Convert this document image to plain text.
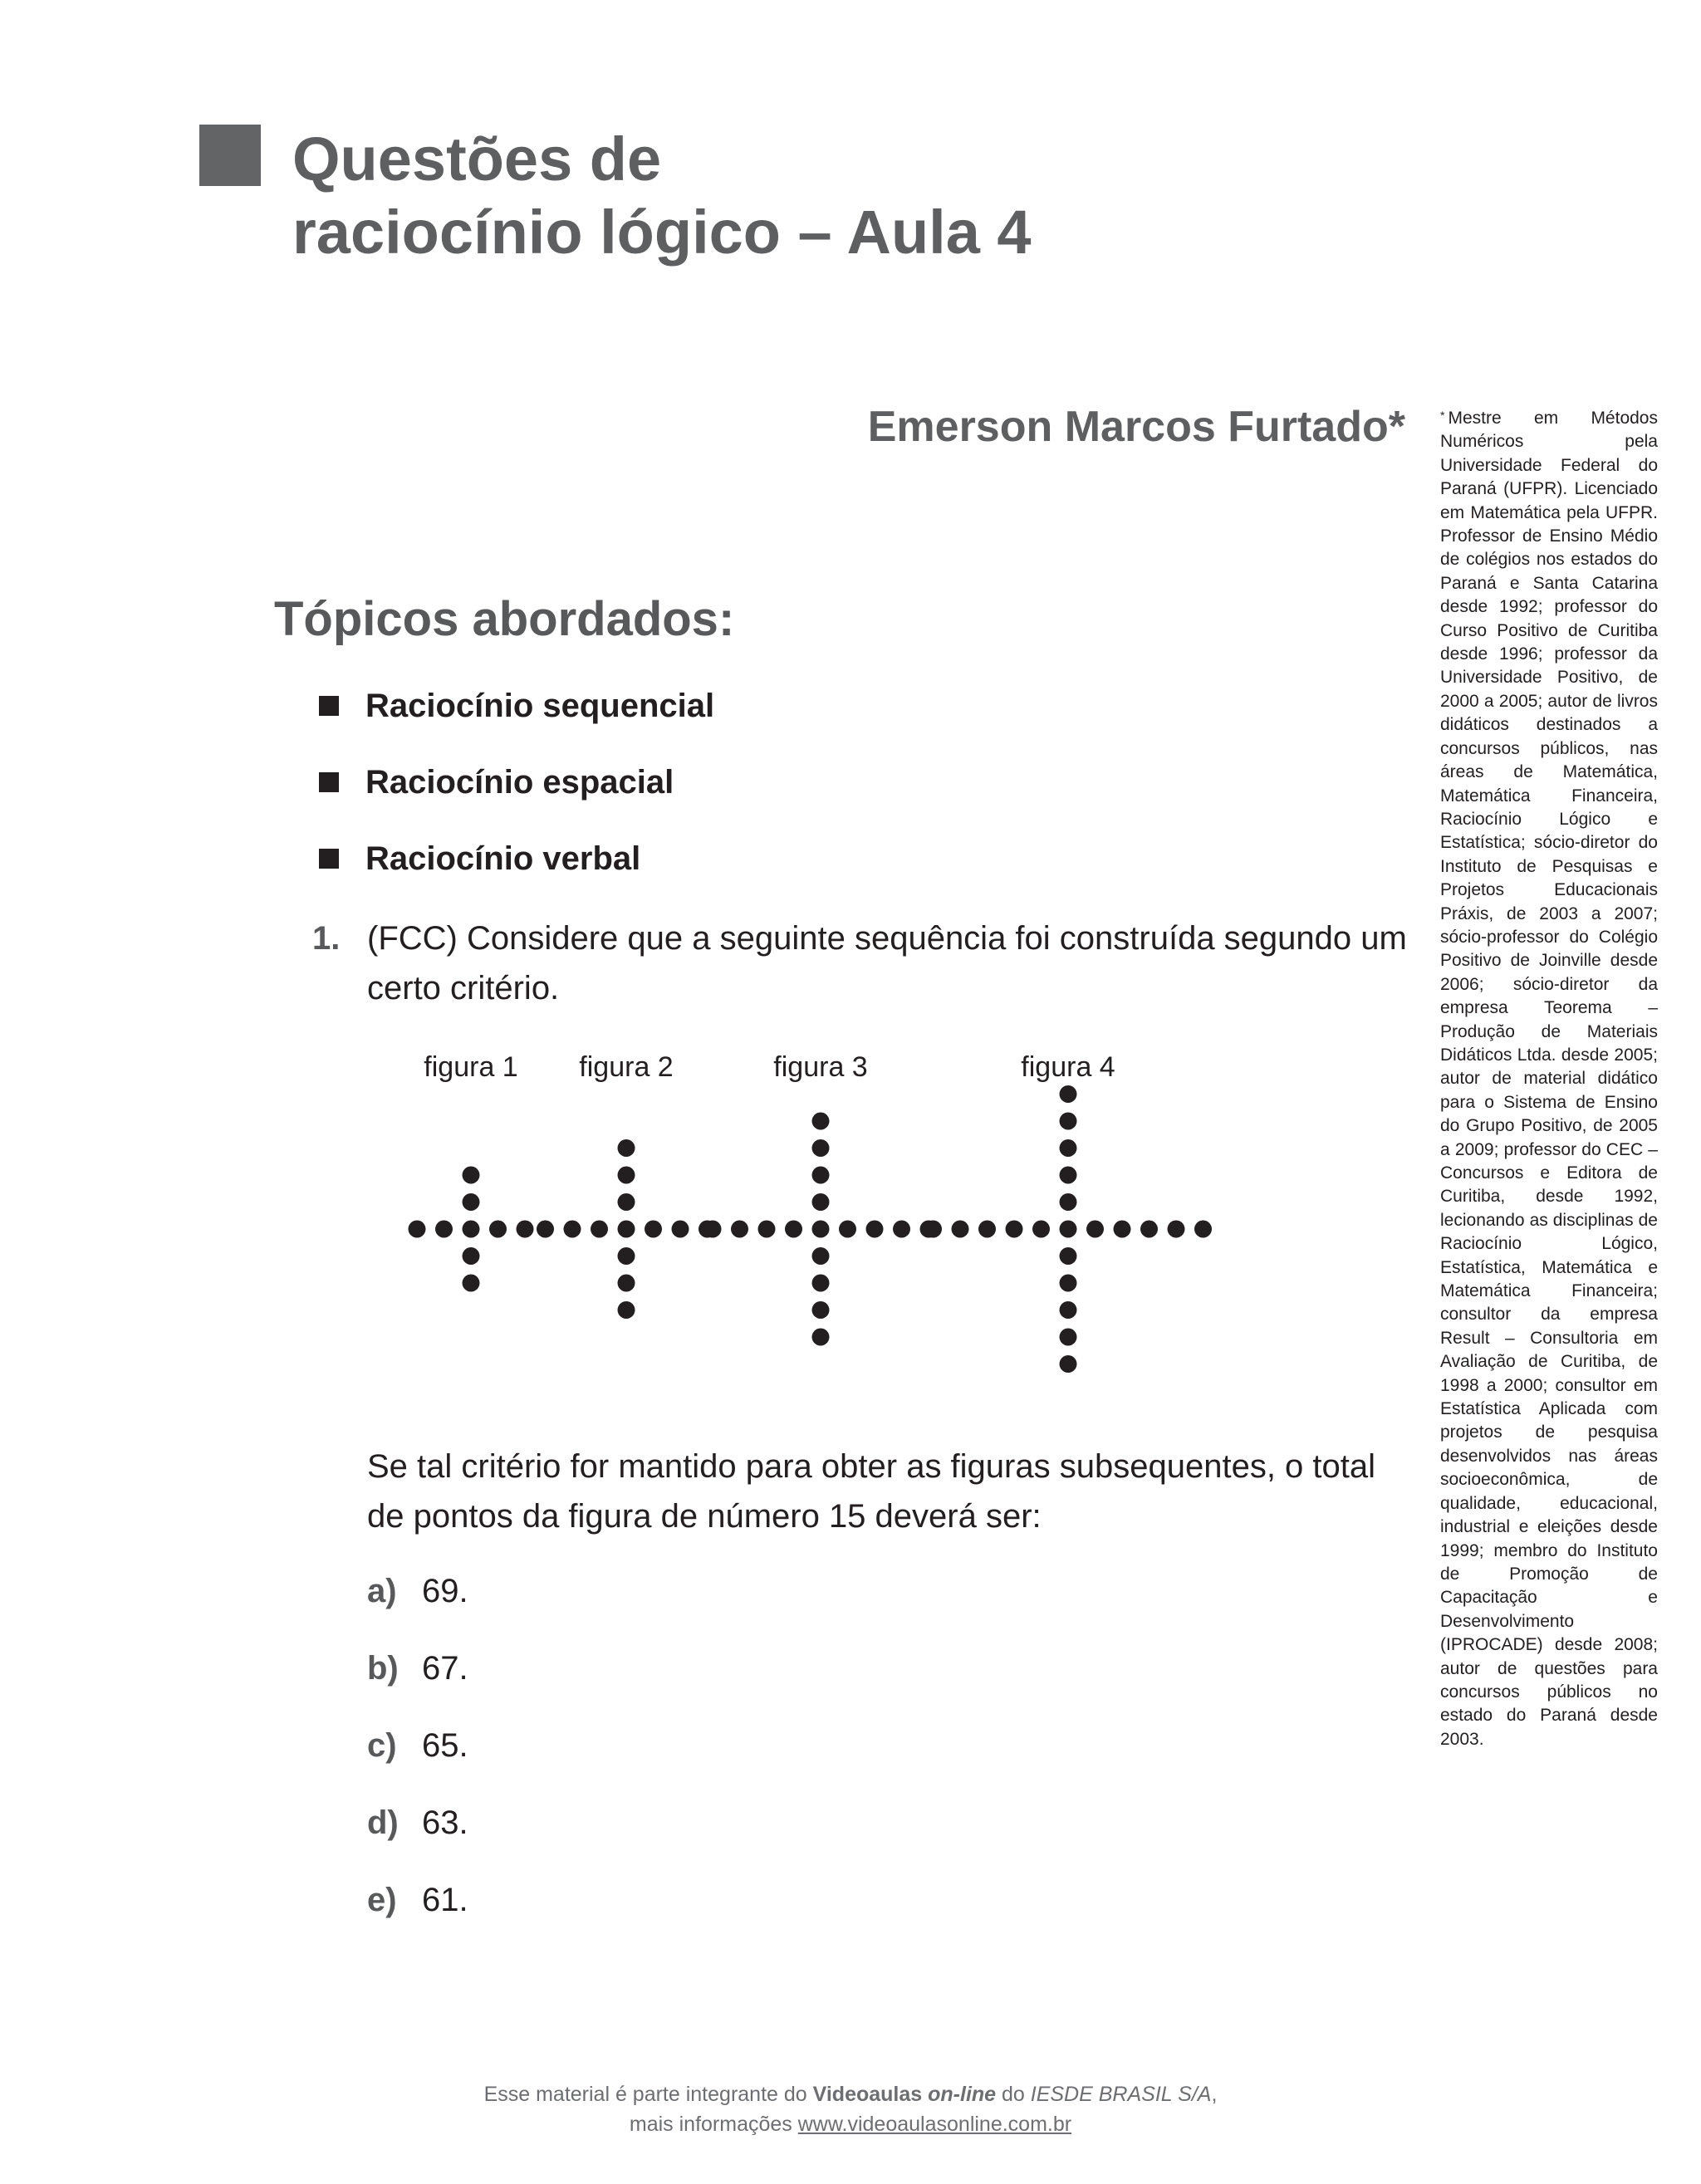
Questões de
raciocínio lógico – Aula 4
Emerson Marcos Furtado*	* Mestre em Métodos Numéricos pela Universidade Federal do Paraná (UFPR). Licenciado em Matemática pela UFPR. Professor de Ensino Médio de colégios nos estados do Paraná e Santa Catarina desde 1992; professor do Curso Positivo de Curitiba desde 1996; professor da Universidade Positivo, de 2000 a 2005; autor de livros didáticos destinados a concursos públicos, nas áreas de Matemática, Matemática Financeira, Raciocínio Lógico e Estatística; sócio-diretor do Instituto de Pesquisas e Projetos Educacionais Práxis, de 2003 a 2007; sócio-professor do Colégio Positivo de Joinville desde 2006; sócio-diretor da empresa Teorema – Produção de Materiais Didáticos Ltda. desde 2005; autor de material didático para o Sistema de Ensino do Grupo Positivo, de 2005 a 2009; professor do CEC – Concursos e Editora de Curitiba, desde 1992, lecionando as disciplinas de Raciocínio Lógico, Estatística, Matemática e Matemática Financeira; consultor da empresa Result – Consultoria em Avaliação de Curitiba, de 1998 a 2000; consultor em Estatística Aplicada com projetos de pesquisa desenvolvidos nas áreas socioeconômica, de qualidade, educacional, industrial e eleições desde 1999; membro do Instituto de Promoção de Capacitação e Desenvolvimento (IPROCADE) desde 2008; autor de questões para concursos públicos no estado do Paraná desde 2003.
Tópicos abordados:
Raciocínio sequencial
Raciocínio espacial
Raciocínio verbal
1. (FCC) Considere que a seguinte sequência foi construída segundo um
certo critério.
figura 1 figura 2	figura 3	figura 4
Se tal critério for mantido para obter as figuras subsequentes, o total
de pontos da figura de número 15 deverá ser:
a) 69.
b) 67.
c) 65.
d) 63.
e) 61.
Esse material é parte integrante do Videoaulas on-line do IESDE BRASIL S/A,
mais informações www.videoaulasonline.com.br
